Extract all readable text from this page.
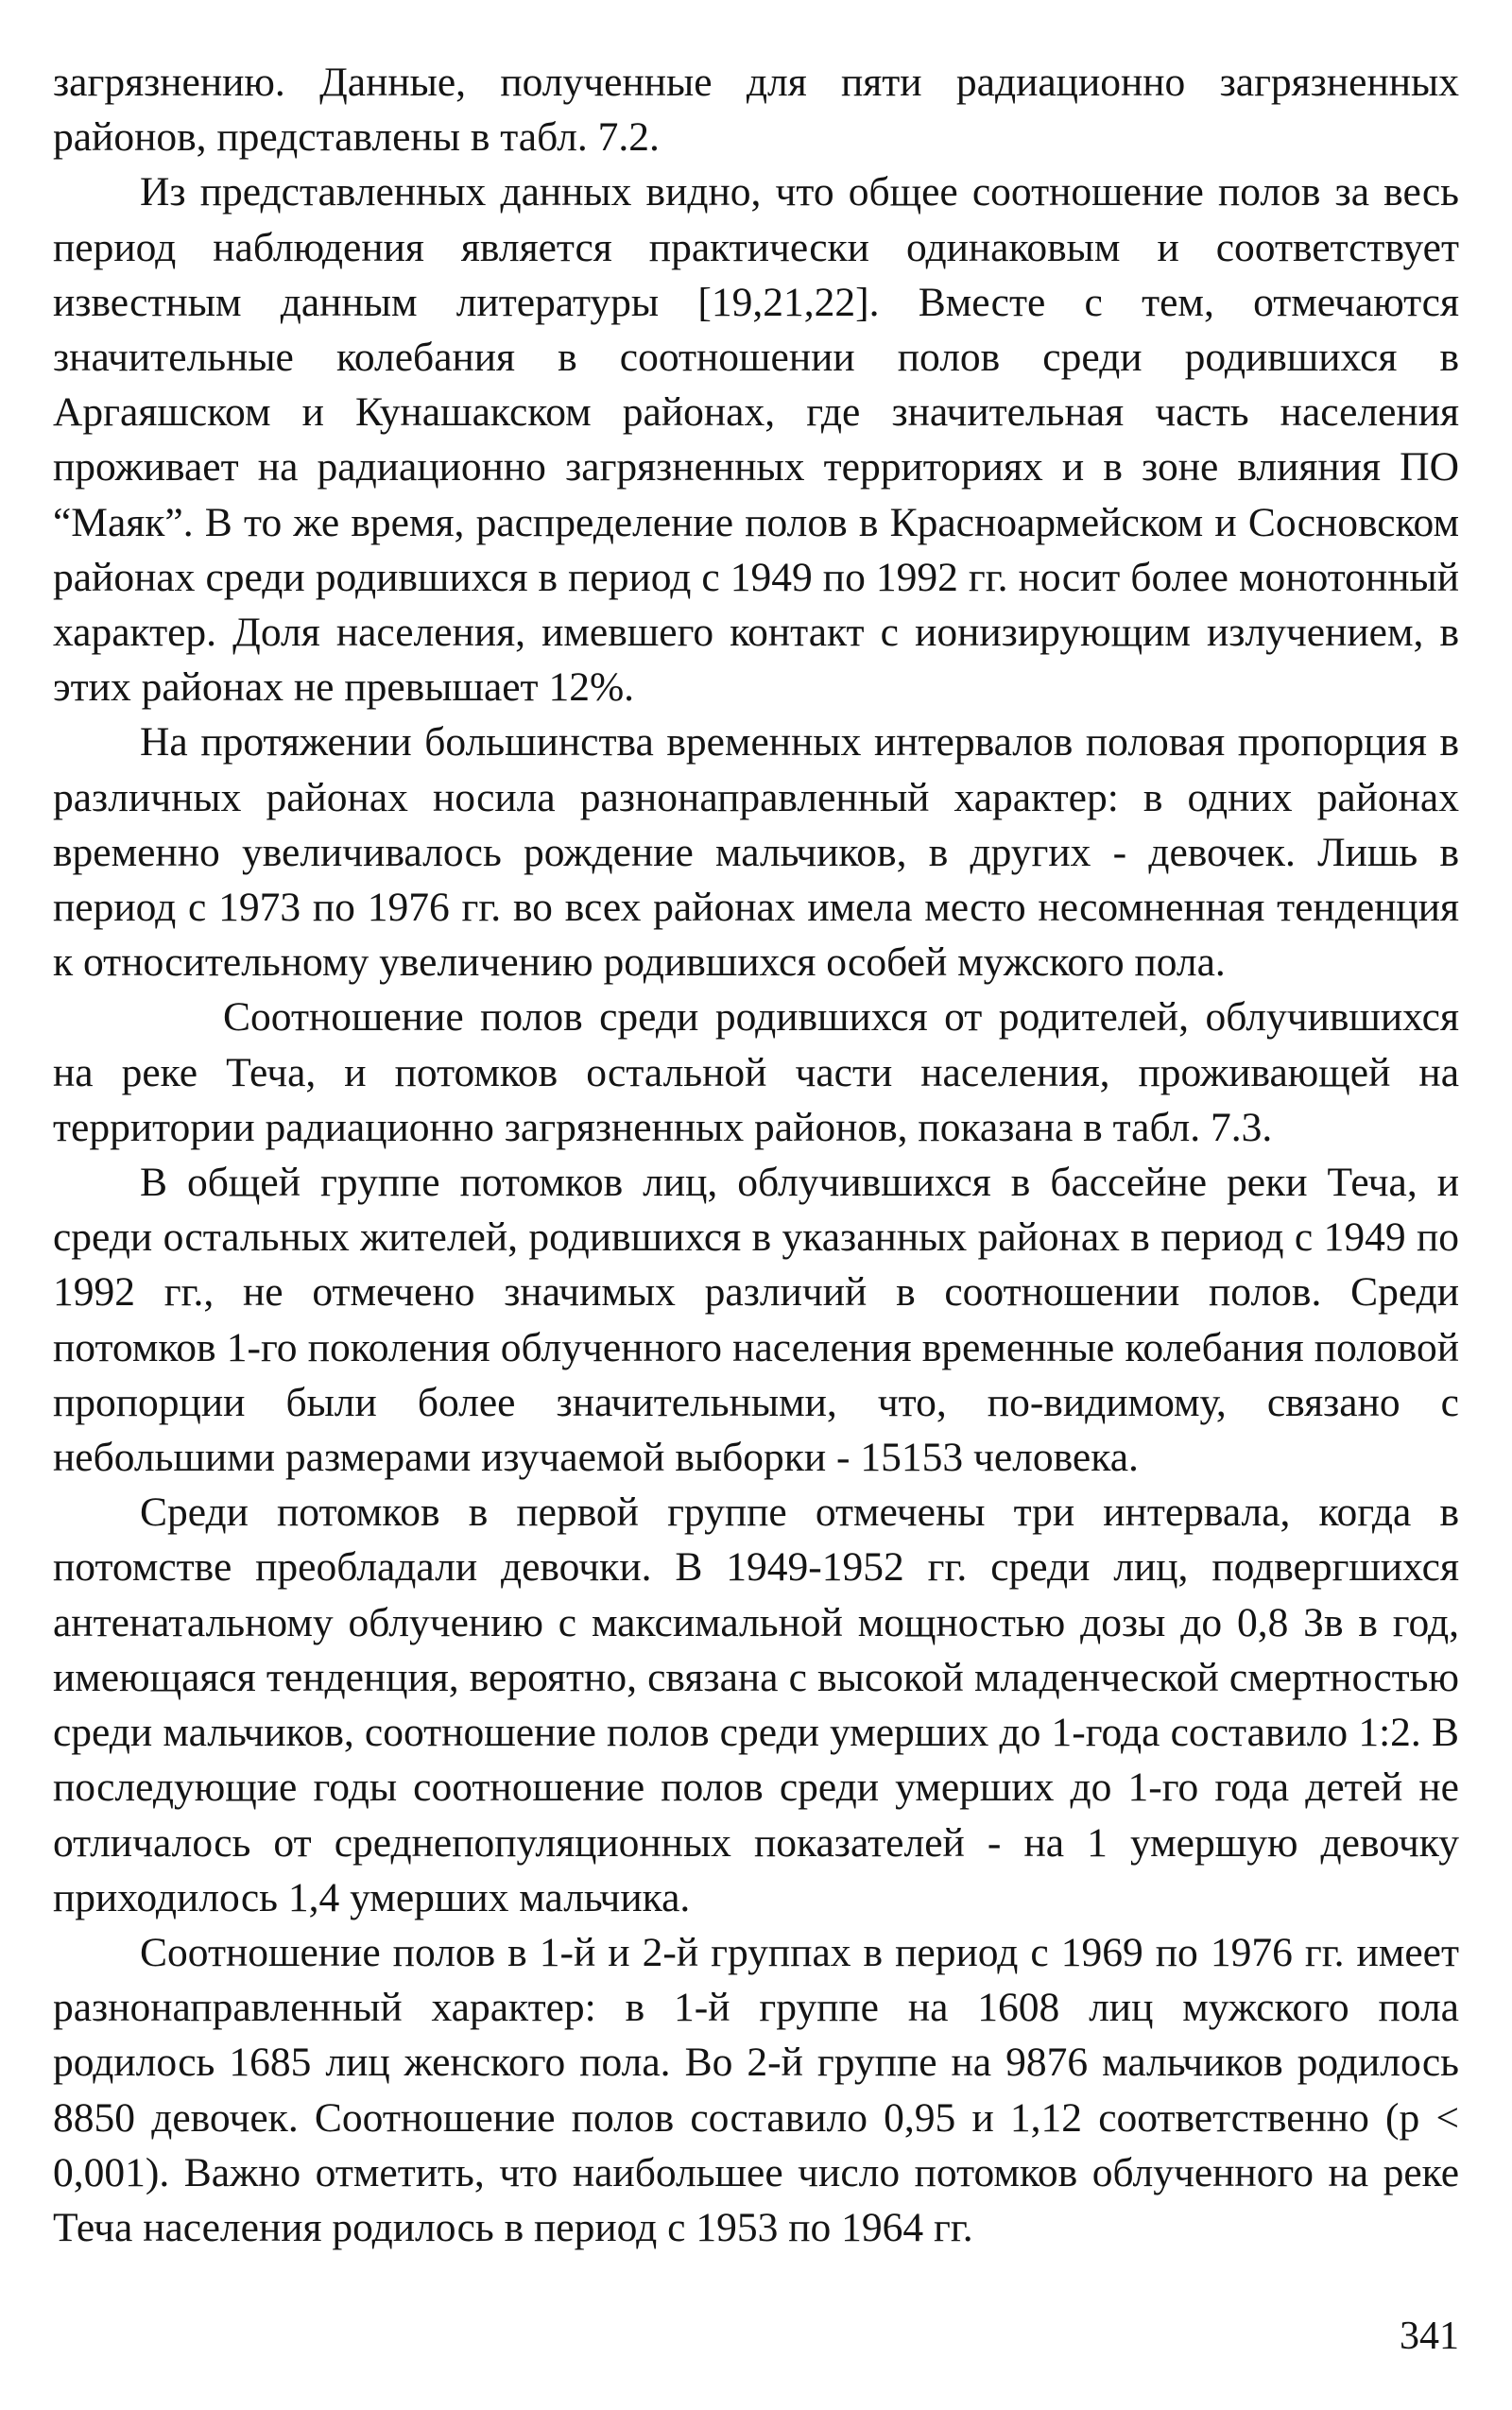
загрязнению. Данные, полученные для пяти радиационно загрязненных районов, представлены в табл. 7.2.

Из представленных данных видно, что общее соотношение полов за весь период наблюдения является практически одинаковым и соответствует известным данным литературы [19,21,22]. Вместе с тем, отмечаются значительные колебания в соотношении полов среди родившихся в Аргаяшском и Кунашакском районах, где значительная часть населения проживает на радиационно загрязненных территориях и в зоне влияния ПО “Маяк”. В то же время, распределение полов в Красноармейском и Сосновском районах среди родившихся в период с 1949 по 1992 гг. носит более монотонный характер. Доля населения, имевшего контакт с ионизирующим излучением, в этих районах не превышает 12%.

На протяжении большинства временных интервалов половая пропорция в различных районах носила разнонаправленный характер: в одних районах временно увеличивалось рождение мальчиков, в других - девочек. Лишь в период с 1973 по 1976 гг. во всех районах имела место несомненная тенденция к относительному увеличению родившихся особей мужского пола.

Соотношение полов среди родившихся от родителей, облучившихся на реке Теча, и потомков остальной части населения, проживающей на территории радиационно загрязненных районов, показана в табл. 7.3.

В общей группе потомков лиц, облучившихся в бассейне реки Теча, и среди остальных жителей, родившихся в указанных районах в период с 1949 по 1992 гг., не отмечено значимых различий в соотношении полов. Среди потомков 1-го поколения облученного населения временные колебания половой пропорции были более значительными, что, по-видимому, связано с небольшими размерами изучаемой выборки - 15153 человека.

Среди потомков в первой группе отмечены три интервала, когда в потомстве преобладали девочки. В 1949-1952 гг. среди лиц, подвергшихся антенатальному облучению с максимальной мощностью дозы до 0,8 Зв в год, имеющаяся тенденция, вероятно, связана с высокой младенческой смертностью среди мальчиков, соотношение полов среди умерших до 1-года составило 1:2. В последующие годы соотношение полов среди умерших до 1-го года детей не отличалось от среднепопуляционных показателей - на 1 умершую девочку приходилось 1,4 умерших мальчика.

Соотношение полов в 1-й и 2-й группах в период с 1969 по 1976 гг. имеет разнонаправленный характер: в 1-й группе на 1608 лиц мужского пола родилось 1685 лиц женского пола. Во 2-й группе на 9876 мальчиков родилось 8850 девочек. Соотношение полов составило 0,95 и 1,12 соответственно (р < 0,001). Важно отметить, что наибольшее число потомков облученного на реке Теча населения родилось в период с 1953 по 1964 гг.

341
